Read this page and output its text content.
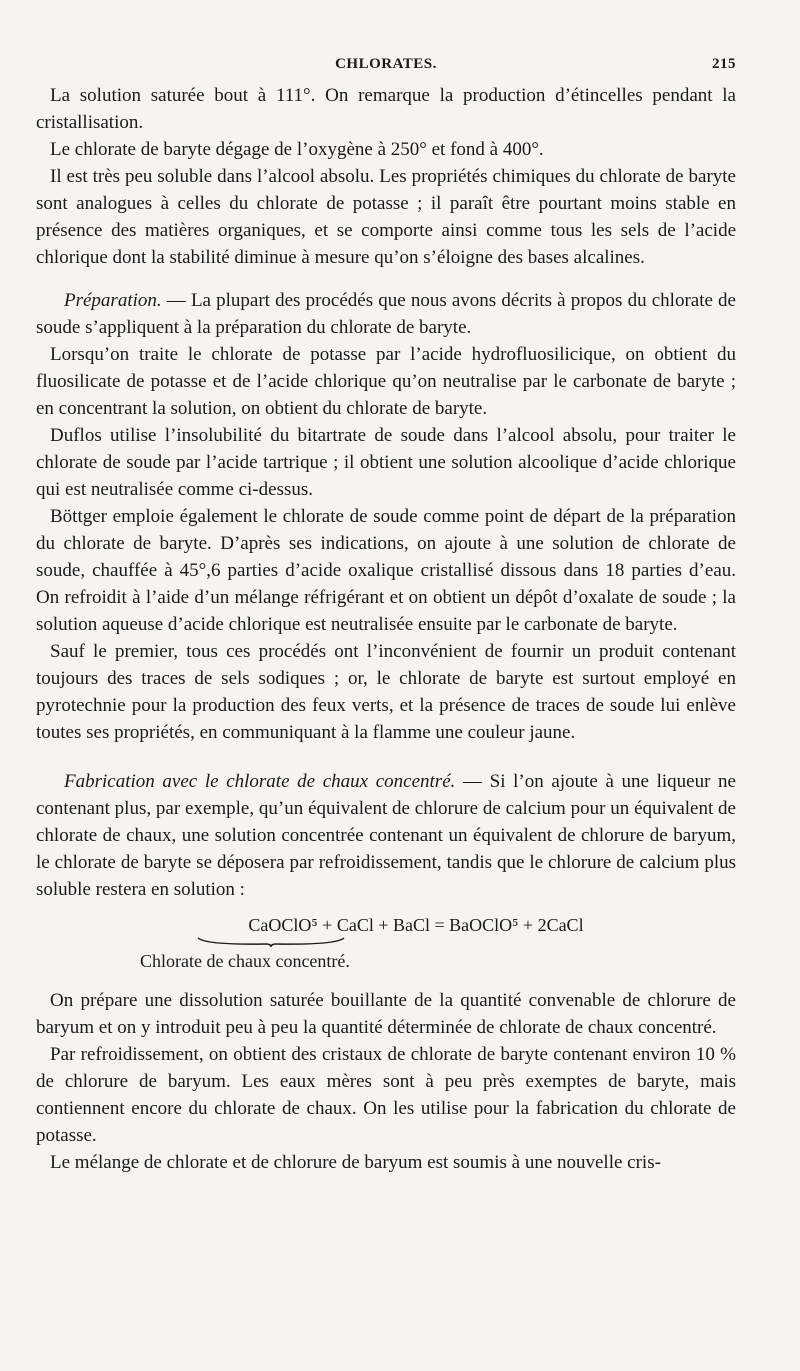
CHLORATES.	215

La solution saturée bout à 111°. On remarque la production d’étincelles pendant la cristallisation.

Le chlorate de baryte dégage de l’oxygène à 250° et fond à 400°.

Il est très peu soluble dans l’alcool absolu. Les propriétés chimiques du chlorate de baryte sont analogues à celles du chlorate de potasse ; il paraît être pourtant moins stable en présence des matières organiques, et se comporte ainsi comme tous les sels de l’acide chlorique dont la stabilité diminue à mesure qu’on s’éloigne des bases alcalines.

Préparation. — La plupart des procédés que nous avons décrits à propos du chlorate de soude s’appliquent à la préparation du chlorate de baryte.

Lorsqu’on traite le chlorate de potasse par l’acide hydrofluosilicique, on obtient du fluosilicate de potasse et de l’acide chlorique qu’on neutralise par le carbonate de baryte ; en concentrant la solution, on obtient du chlorate de baryte.

Duflos utilise l’insolubilité du bitartrate de soude dans l’alcool absolu, pour traiter le chlorate de soude par l’acide tartrique ; il obtient une solution alcoolique d’acide chlorique qui est neutralisée comme ci-dessus.

Böttger emploie également le chlorate de soude comme point de départ de la préparation du chlorate de baryte. D’après ses indications, on ajoute à une solution de chlorate de soude, chauffée à 45°,6 parties d’acide oxalique cristallisé dissous dans 18 parties d’eau. On refroidit à l’aide d’un mélange réfrigérant et on obtient un dépôt d’oxalate de soude ; la solution aqueuse d’acide chlorique est neutralisée ensuite par le carbonate de baryte.

Sauf le premier, tous ces procédés ont l’inconvénient de fournir un produit contenant toujours des traces de sels sodiques ; or, le chlorate de baryte est surtout employé en pyrotechnie pour la production des feux verts, et la présence de traces de soude lui enlève toutes ses propriétés, en communiquant à la flamme une couleur jaune.

Fabrication avec le chlorate de chaux concentré. — Si l’on ajoute à une liqueur ne contenant plus, par exemple, qu’un équivalent de chlorure de calcium pour un équivalent de chlorate de chaux, une solution concentrée contenant un équivalent de chlorure de baryum, le chlorate de baryte se déposera par refroidissement, tandis que le chlorure de calcium plus soluble restera en solution :

CaOClO⁵ + CaCl + BaCl = BaOClO⁵ + 2CaCl
Chlorate de chaux concentré.

On prépare une dissolution saturée bouillante de la quantité convenable de chlorure de baryum et on y introduit peu à peu la quantité déterminée de chlorate de chaux concentré.

Par refroidissement, on obtient des cristaux de chlorate de baryte contenant environ 10 % de chlorure de baryum. Les eaux mères sont à peu près exemptes de baryte, mais contiennent encore du chlorate de chaux. On les utilise pour la fabrication du chlorate de potasse.

Le mélange de chlorate et de chlorure de baryum est soumis à une nouvelle cris-
